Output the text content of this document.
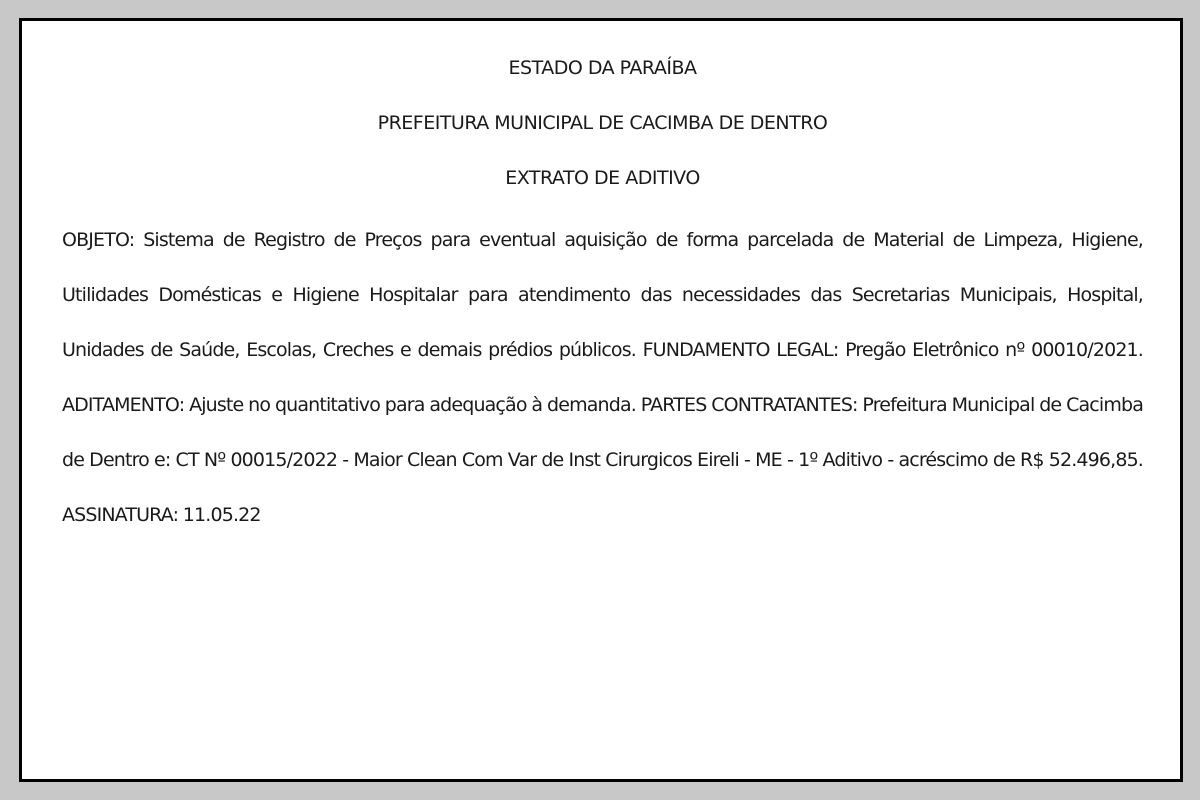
ESTADO DA PARAÍBA

PREFEITURA MUNICIPAL DE CACIMBA DE DENTRO

EXTRATO DE ADITIVO

OBJETO: Sistema de Registro de Preços para eventual aquisição de forma parcelada de Material de Limpeza, Higiene, Utilidades Domésticas e Higiene Hospitalar para atendimento das necessidades das Secretarias Municipais, Hospital, Unidades de Saúde, Escolas, Creches e demais prédios públicos. FUNDAMENTO LEGAL: Pregão Eletrônico nº 00010/2021. ADITAMENTO: Ajuste no quantitativo para adequação à demanda. PARTES CONTRATANTES: Prefeitura Municipal de Cacimba de Dentro e: CT Nº 00015/2022 - Maior Clean Com Var de Inst Cirurgicos Eireli - ME - 1º Aditivo - acréscimo de R$ 52.496,85. ASSINATURA: 11.05.22
